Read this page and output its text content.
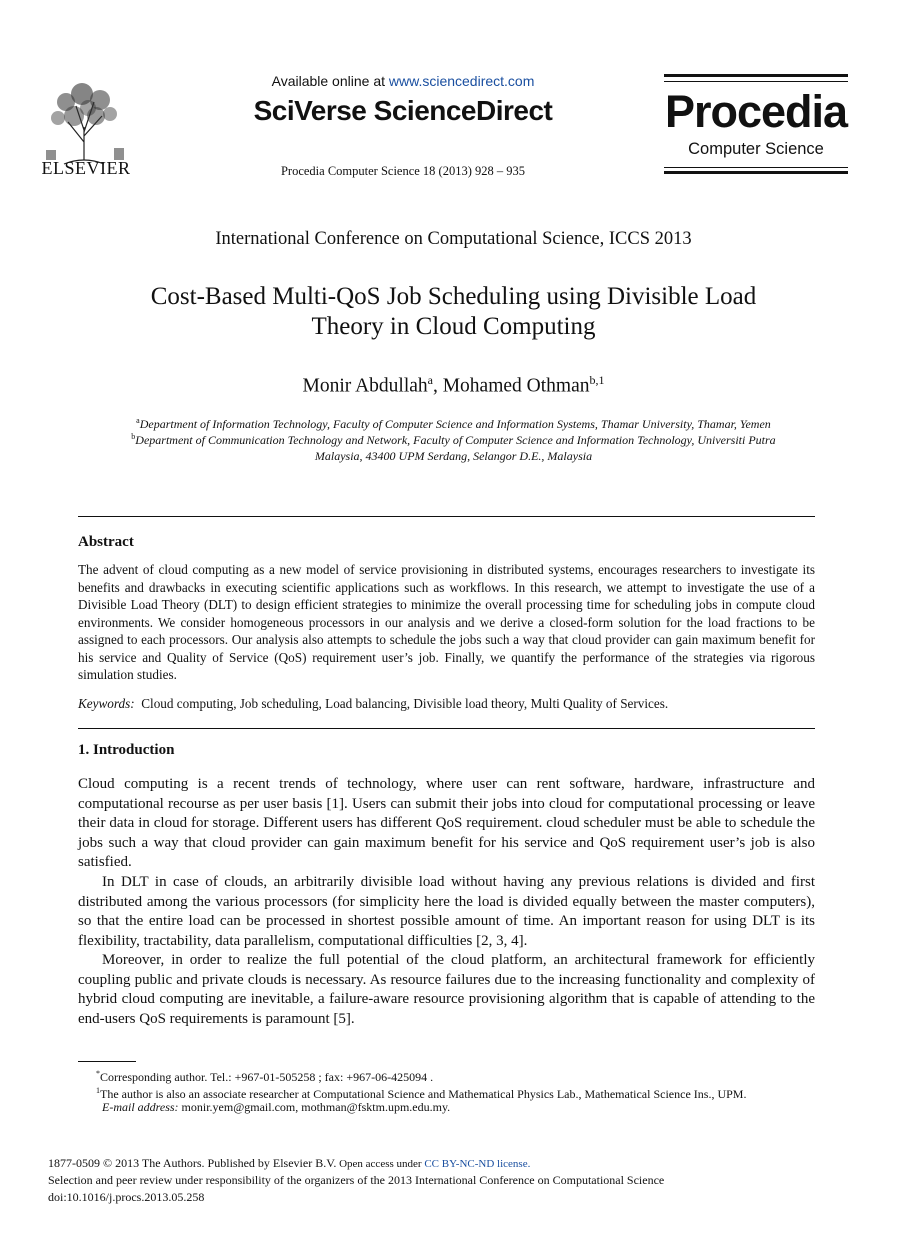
ELSEVIER
Available online at www.sciencedirect.com
SciVerse ScienceDirect
Procedia Computer Science 18 (2013) 928 – 935
Procedia
Computer Science
International Conference on Computational Science, ICCS 2013
Cost-Based Multi-QoS Job Scheduling using Divisible Load
Theory in Cloud Computing
Monir Abdullah$^a$, Mohamed Othman$^{b,1}$
$^a$Department of Information Technology, Faculty of Computer Science and Information Systems, Thamar University, Thamar, Yemen
$^b$Department of Communication Technology and Network, Faculty of Computer Science and Information Technology, Universiti Putra
Malaysia, 43400 UPM Serdang, Selangor D.E., Malaysia
Abstract
The advent of cloud computing as a new model of service provisioning in distributed systems, encourages researchers to investigate its benefits and drawbacks in executing scientific applications such as workflows. In this research, we attempt to investigate the use of a Divisible Load Theory (DLT) to design efficient strategies to minimize the overall processing time for scheduling jobs in compute cloud environments. We consider homogeneous processors in our analysis and we derive a closed-form solution for the load fractions to be assigned to each processors. Our analysis also attempts to schedule the jobs such a way that cloud provider can gain maximum benefit for his service and Quality of Service (QoS) requirement user’s job. Finally, we quantify the performance of the strategies via rigorous simulation studies.
Keywords: Cloud computing, Job scheduling, Load balancing, Divisible load theory, Multi Quality of Services.
1. Introduction

Cloud computing is a recent trends of technology, where user can rent software, hardware, infrastructure and computational recourse as per user basis [1]. Users can submit their jobs into cloud for computational processing or leave their data in cloud for storage. Different users has different QoS requirement. cloud scheduler must be able to schedule the jobs such a way that cloud provider can gain maximum benefit for his service and QoS requirement user’s job is also satisfied.

In DLT in case of clouds, an arbitrarily divisible load without having any previous relations is divided and first distributed among the various processors (for simplicity here the load is divided equally between the master computers), so that the entire load can be processed in shortest possible amount of time. An important reason for using DLT is its flexibility, tractability, data parallelism, computational difficulties [2, 3, 4].

Moreover, in order to realize the full potential of the cloud platform, an architectural framework for efficiently coupling public and private clouds is necessary. As resource failures due to the increasing functionality and complexity of hybrid cloud computing are inevitable, a failure-aware resource provisioning algorithm that is capable of attending to the end-users QoS requirements is paramount [5].

*Corresponding author. Tel.: +967-01-505258 ; fax: +967-06-425094 .
$^1$The author is also an associate researcher at Computational Science and Mathematical Physics Lab., Mathematical Science Ins., UPM.
E-mail address: monir.yem@gmail.com, mothman@fsktm.upm.edu.my.
1877-0509 © 2013 The Authors. Published by Elsevier B.V. Open access under CC BY-NC-ND license.
Selection and peer review under responsibility of the organizers of the 2013 International Conference on Computational Science
doi:10.1016/j.procs.2013.05.258
